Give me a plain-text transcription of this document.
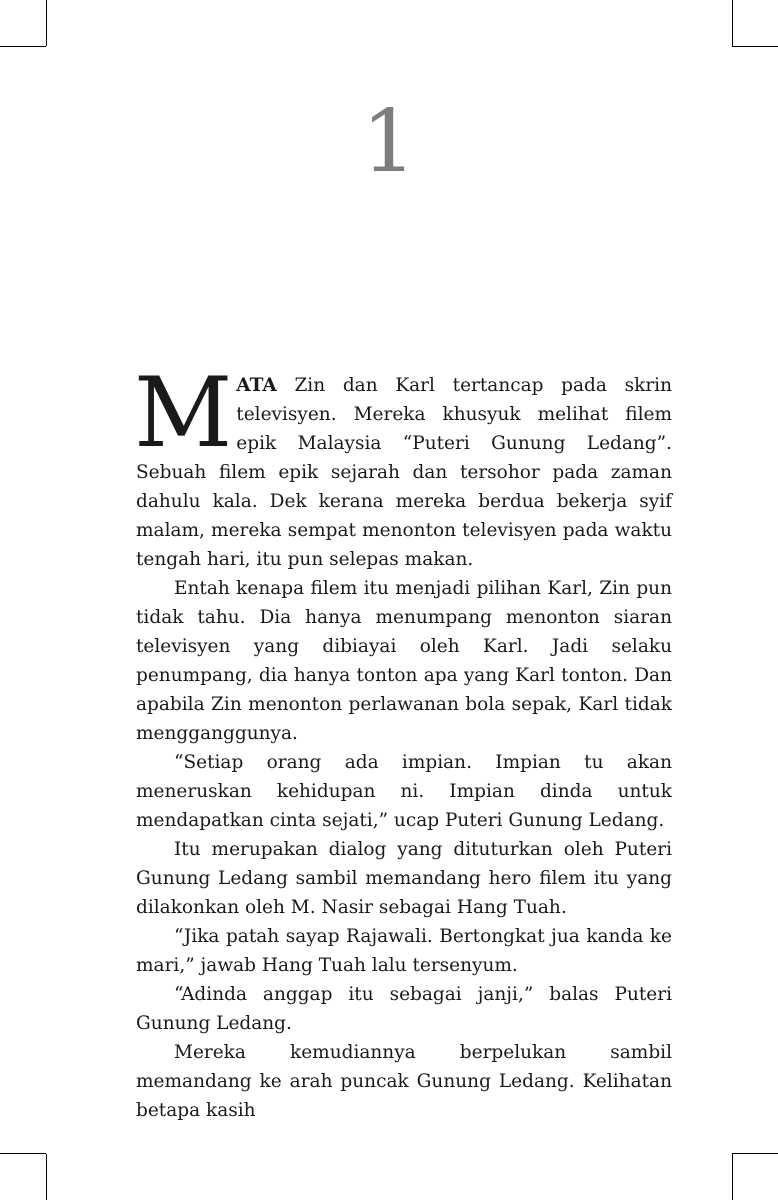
1

MATA Zin dan Karl tertancap pada skrin televisyen. Mereka khusyuk melihat filem epik Malaysia “Puteri Gunung Ledang”. Sebuah filem epik sejarah dan tersohor pada zaman dahulu kala. Dek kerana mereka berdua bekerja syif malam, mereka sempat menonton televisyen pada waktu tengah hari, itu pun selepas makan.

Entah kenapa filem itu menjadi pilihan Karl, Zin pun tidak tahu. Dia hanya menumpang menonton siaran televisyen yang dibiayai oleh Karl. Jadi selaku penumpang, dia hanya tonton apa yang Karl tonton. Dan apabila Zin menonton perlawanan bola sepak, Karl tidak mengganggunya.

“Setiap orang ada impian. Impian tu akan meneruskan kehidupan ni. Impian dinda untuk mendapatkan cinta sejati,” ucap Puteri Gunung Ledang.

Itu merupakan dialog yang dituturkan oleh Puteri Gunung Ledang sambil memandang hero filem itu yang dilakonkan oleh M. Nasir sebagai Hang Tuah.

“Jika patah sayap Rajawali. Bertongkat jua kanda ke mari,” jawab Hang Tuah lalu tersenyum.

“Adinda anggap itu sebagai janji,” balas Puteri Gunung Ledang.

Mereka kemudiannya berpelukan sambil memandang ke arah puncak Gunung Ledang. Kelihatan betapa kasih
